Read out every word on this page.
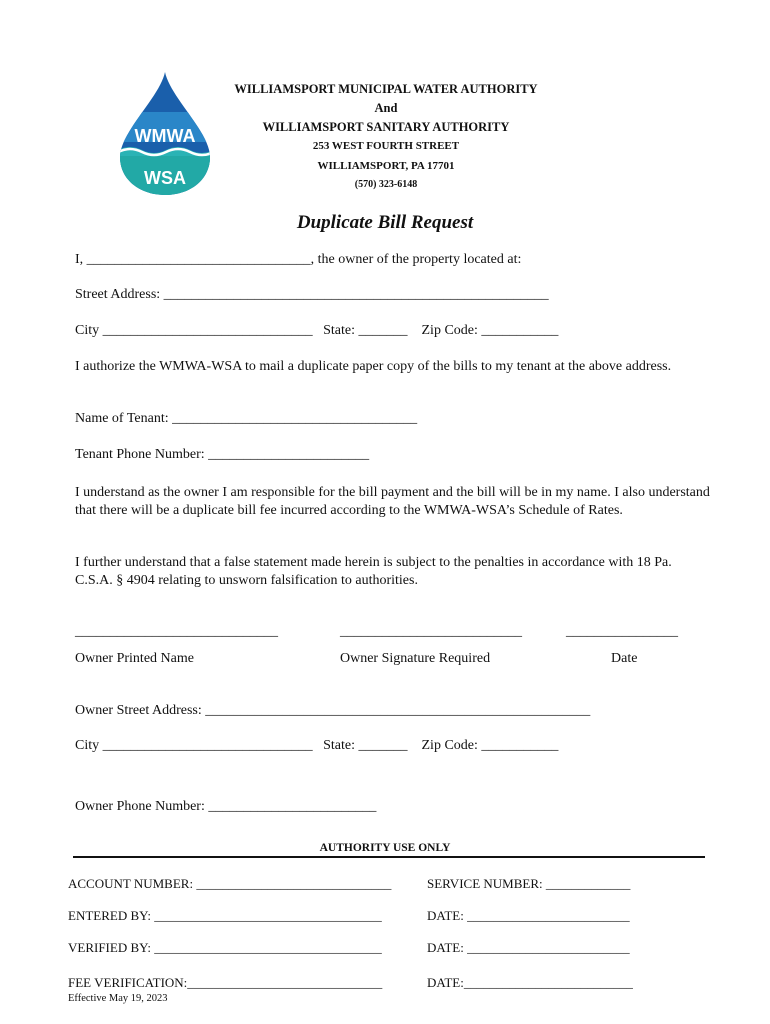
WMWA
WSA
WILLIAMSPORT MUNICIPAL WATER AUTHORITY
And
WILLIAMSPORT SANITARY AUTHORITY
253 WEST FOURTH STREET
WILLIAMSPORT, PA 17701
(570) 323-6148
Duplicate Bill Request
I, ________________________________, the owner of the property located at:
Street Address: _______________________________________________________
City ______________________________   State: _______    Zip Code: ___________
I authorize the WMWA-WSA to mail a duplicate paper copy of the bills to my tenant at the above address.
Name of Tenant: ___________________________________
Tenant Phone Number: _______________________
I understand as the owner I am responsible for the bill payment and the bill will be in my name. I also understand that there will be a duplicate bill fee incurred according to the WMWA-WSA’s Schedule of Rates.
I further understand that a false statement made herein is subject to the penalties in accordance with 18 Pa. C.S.A. § 4904 relating to unsworn falsification to authorities.
_____________________________	__________________________	________________
Owner Printed Name	Owner Signature Required	Date
Owner Street Address: _______________________________________________________
City ______________________________   State: _______    Zip Code: ___________
Owner Phone Number: ________________________
AUTHORITY USE ONLY
ACCOUNT NUMBER: ______________________________	SERVICE NUMBER: _____________
ENTERED BY: ___________________________________	DATE: _________________________
VERIFIED BY: ___________________________________	DATE: _________________________
FEE VERIFICATION:______________________________	DATE:__________________________
Effective May 19, 2023
